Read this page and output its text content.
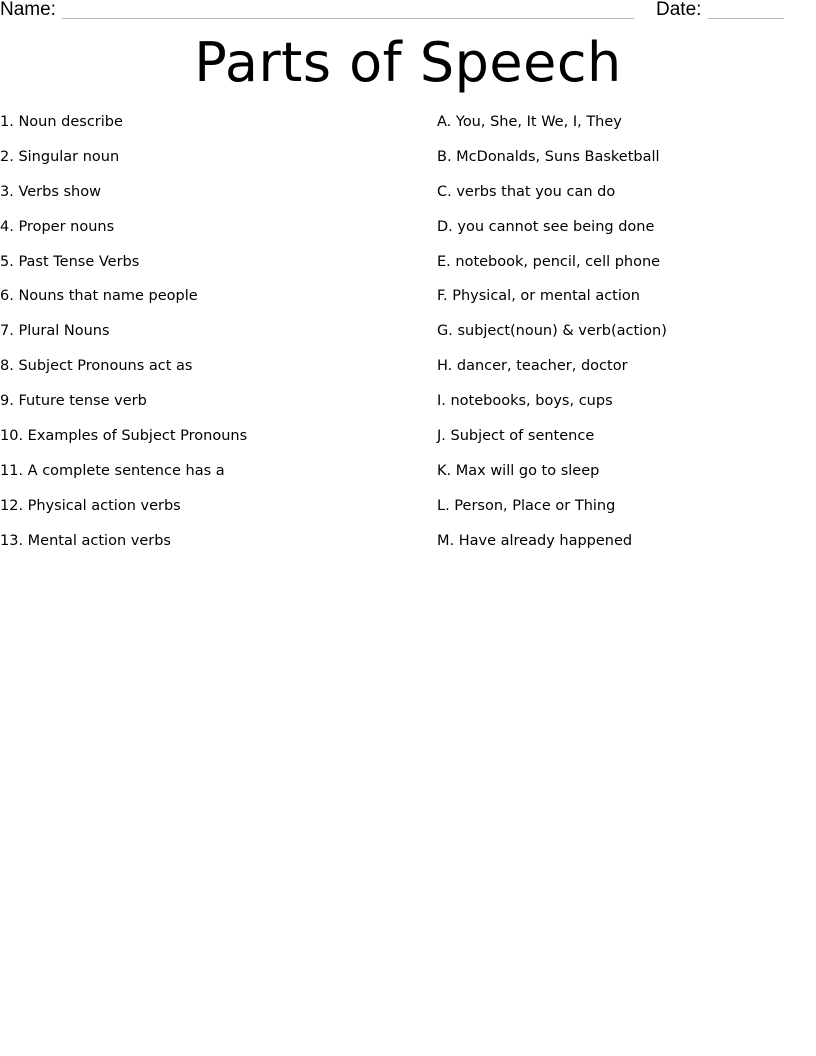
Name:	Date:
Parts of Speech
1. Noun describe
2. Singular noun
3. Verbs show
4. Proper nouns
5. Past Tense Verbs
6. Nouns that name people
7. Plural Nouns
8. Subject Pronouns act as
9. Future tense verb
10. Examples of Subject Pronouns
11. A complete sentence has a
12. Physical action verbs
13. Mental action verbs
A. You, She, It We, I, They
B. McDonalds, Suns Basketball
C. verbs that you can do
D. you cannot see being done
E. notebook, pencil, cell phone
F. Physical, or mental action
G. subject(noun) & verb(action)
H. dancer, teacher, doctor
I. notebooks, boys, cups
J. Subject of sentence
K. Max will go to sleep
L. Person, Place or Thing
M. Have already happened
